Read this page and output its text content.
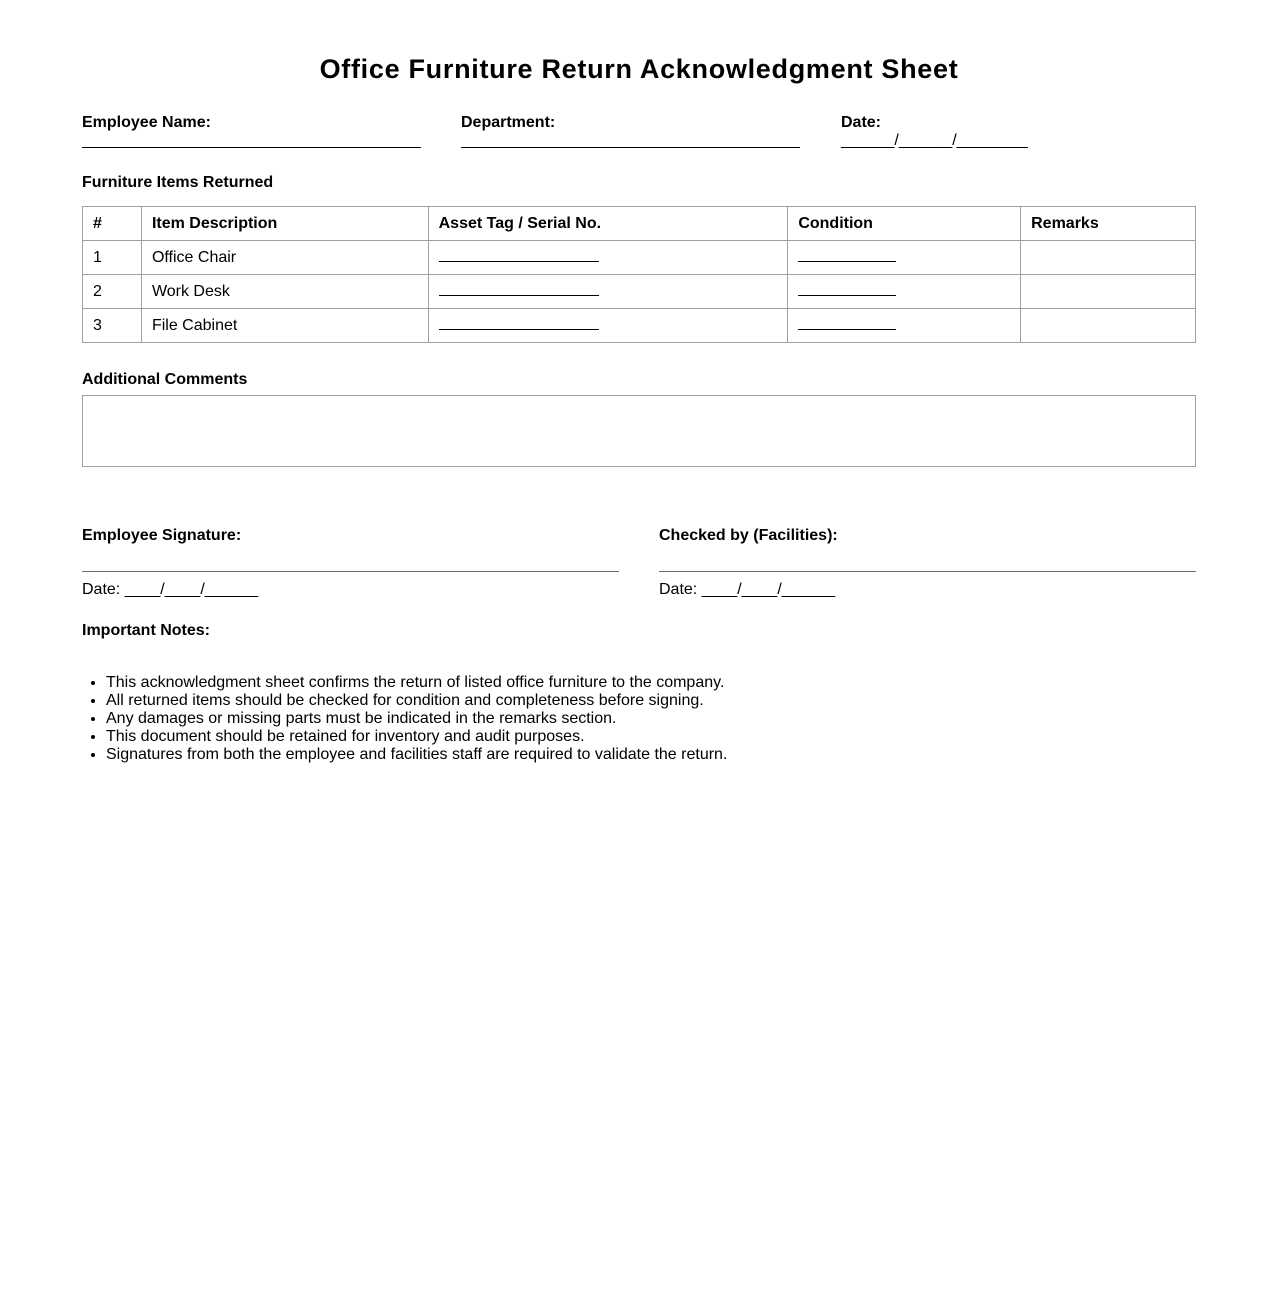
Office Furniture Return Acknowledgment Sheet
Employee Name:	Department:	Date:
______/______/________
Furniture Items Returned
#	Item Description	Asset Tag / Serial No.	Condition	Remarks
1	Office Chair			
2	Work Desk			
3	File Cabinet			
Additional Comments
Employee Signature:
Date: ____/____/______
Checked by (Facilities):
Date: ____/____/______
Important Notes:
• This acknowledgment sheet confirms the return of listed office furniture to the company.
• All returned items should be checked for condition and completeness before signing.
• Any damages or missing parts must be indicated in the remarks section.
• This document should be retained for inventory and audit purposes.
• Signatures from both the employee and facilities staff are required to validate the return.
